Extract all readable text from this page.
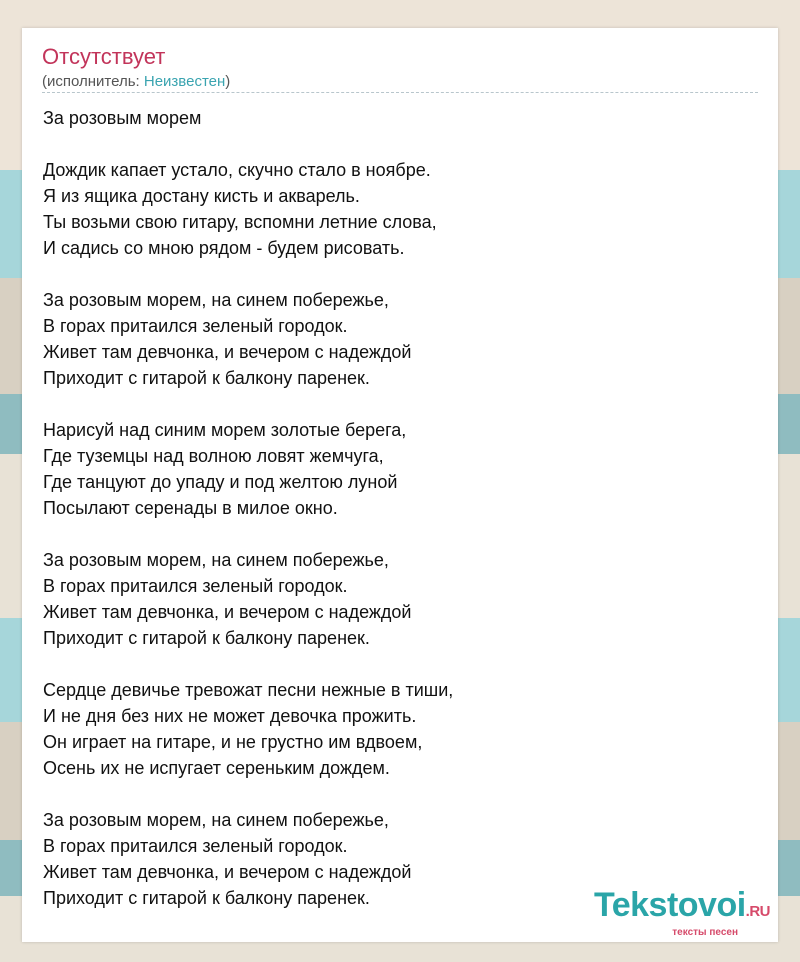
Отсутствует
(исполнитель: Неизвестен)
За розовым морем
Дождик капает устало, скучно стало в ноябре.
Я из ящика достану кисть и акварель.
Ты возьми свою гитару, вспомни летние слова,
И садись со мною рядом - будем рисовать.
За розовым морем, на синем побережье,
В горах притаился зеленый городок.
Живет там девчонка, и вечером с надеждой
Приходит с гитарой к балкону паренек.
Нарисуй над синим морем золотые берега,
Где туземцы над волною ловят жемчуга,
Где танцуют до упаду и под желтою луной
Посылают серенады в милое окно.
За розовым морем, на синем побережье,
В горах притаился зеленый городок.
Живет там девчонка, и вечером с надеждой
Приходит с гитарой к балкону паренек.
Сердце девичье тревожат песни нежные в тиши,
И не дня без них не может девочка прожить.
Он играет на гитаре, и не грустно им вдвоем,
Осень их не испугает сереньким дождем.
За розовым морем, на синем побережье,
В горах притаился зеленый городок.
Живет там девчонка, и вечером с надеждой
Приходит с гитарой к балкону паренек.	Tekstovoi.RU
тексты песен
